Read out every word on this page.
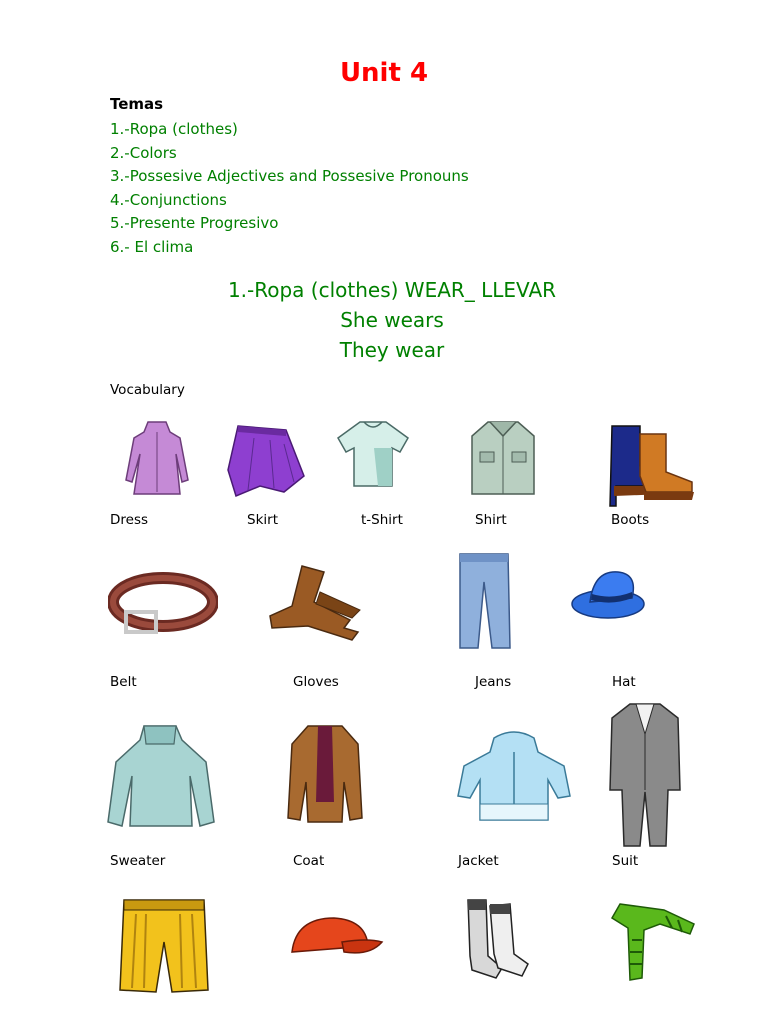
Unit 4
Temas
1.-Ropa (clothes)
2.-Colors
3.-Possesive Adjectives and Possesive Pronouns
4.-Conjunctions
5.-Presente Progresivo
6.- El clima
1.-Ropa (clothes) WEAR_ LLEVAR
She wears
They wear
Vocabulary
Dress	Skirt	t-Shirt	Shirt	Boots
Belt	Gloves	Jeans	Hat
Sweater	Coat	Jacket	Suit
